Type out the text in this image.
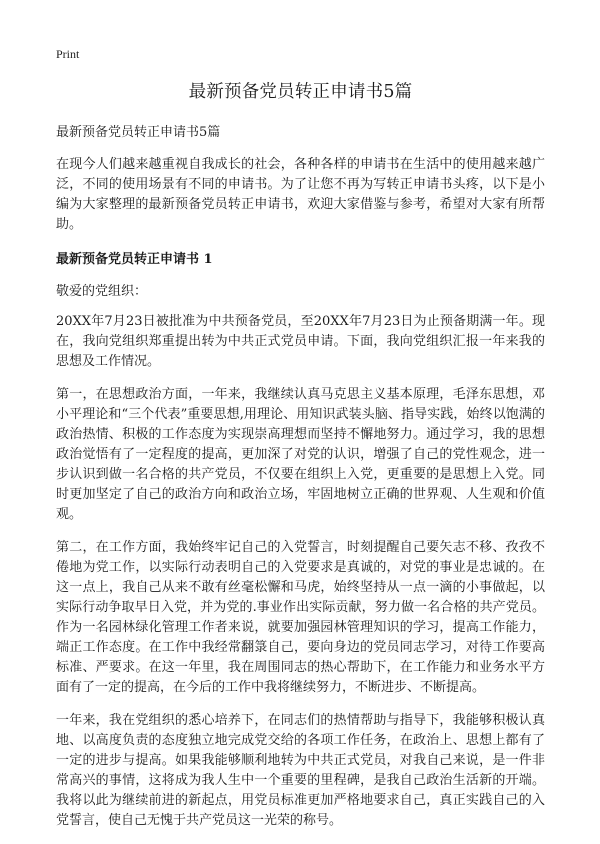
Print
最新预备党员转正申请书5篇

最新预备党员转正申请书5篇

在现今人们越来越重视自我成长的社会，各种各样的申请书在生活中的使用越来越广泛，不同的使用场景有不同的申请书。为了让您不再为写转正申请书头疼，以下是小编为大家整理的最新预备党员转正申请书，欢迎大家借鉴与参考，希望对大家有所帮助。

最新预备党员转正申请书 1

敬爱的党组织：

20XX年7月23日被批准为中共预备党员，至20XX年7月23日为止预备期满一年。现在，我向党组织郑重提出转为中共正式党员申请。下面，我向党组织汇报一年来我的思想及工作情况。

第一，在思想政治方面，一年来，我继续认真马克思主义基本原理，毛泽东思想，邓小平理论和“三个代表”重要思想,用理论、用知识武装头脑、指导实践，始终以饱满的政治热情、积极的工作态度为实现崇高理想而坚持不懈地努力。通过学习，我的思想政治觉悟有了一定程度的提高，更加深了对党的认识，增强了自己的党性观念，进一步认识到做一名合格的共产党员，不仅要在组织上入党，更重要的是思想上入党。同时更加坚定了自己的政治方向和政治立场，牢固地树立正确的世界观、人生观和价值观。

第二，在工作方面，我始终牢记自己的入党誓言，时刻提醒自己要矢志不移、孜孜不倦地为党工作，以实际行动表明自己的入党要求是真诚的，对党的事业是忠诚的。在这一点上，我自己从来不敢有丝毫松懈和马虎，始终坚持从一点一滴的小事做起，以实际行动争取早日入党，并为党的.事业作出实际贡献，努力做一名合格的共产党员。作为一名园林绿化管理工作者来说，就要加强园林管理知识的学习，提高工作能力，端正工作态度。在工作中我经常翻箓自己，要向身边的党员同志学习，对待工作要高标准、严要求。在这一年里，我在周围同志的热心帮助下，在工作能力和业务水平方面有了一定的提高，在今后的工作中我将继续努力，不断进步、不断提高。

一年来，我在党组织的悉心培养下，在同志们的热情帮助与指导下，我能够积极认真地、以高度负责的态度独立地完成党交给的各项工作任务，在政治上、思想上都有了一定的进步与提高。如果我能够顺利地转为中共正式党员，对我自己来说，是一件非常高兴的事情，这将成为我人生中一个重要的里程碑，是我自己政治生活新的开端。我将以此为继续前进的新起点，用党员标准更加严格地要求自己，真正实践自己的入党誓言，使自己无愧于共产党员这一光荣的称号。
